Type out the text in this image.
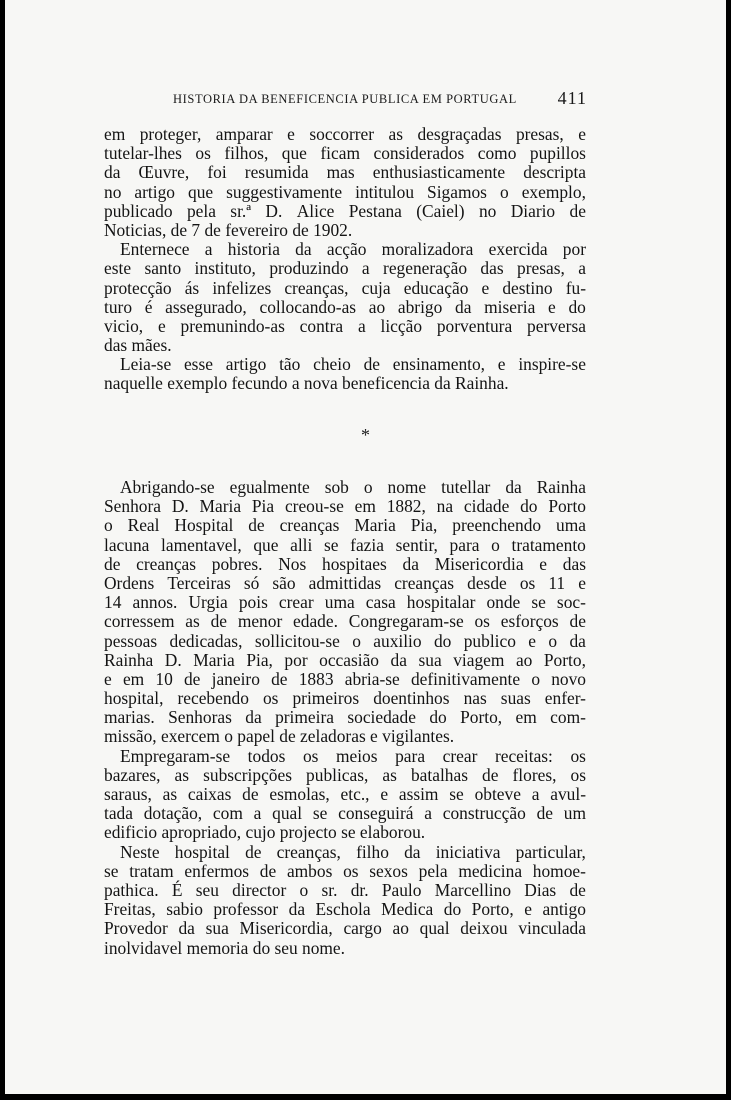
HISTORIA DA BENEFICENCIA PUBLICA EM PORTUGAL 411
em proteger, amparar e soccorrer as desgraçadas presas, e
tutelar-lhes os filhos, que ficam considerados como pupillos
da Œuvre, foi resumida mas enthusiasticamente descripta
no artigo que suggestivamente intitulou Sigamos o exemplo,
publicado pela sr.ª D. Alice Pestana (Caiel) no Diario de
Noticias, de 7 de fevereiro de 1902.
Enternece a historia da acção moralizadora exercida por
este santo instituto, produzindo a regeneração das presas, a
protecção ás infelizes creanças, cuja educação e destino fu-
turo é assegurado, collocando-as ao abrigo da miseria e do
vicio, e premunindo-as contra a licção porventura perversa
das mães.
Leia-se esse artigo tão cheio de ensinamento, e inspire-se
naquelle exemplo fecundo a nova beneficencia da Rainha.
*
Abrigando-se egualmente sob o nome tutellar da Rainha
Senhora D. Maria Pia creou-se em 1882, na cidade do Porto
o Real Hospital de creanças Maria Pia, preenchendo uma
lacuna lamentavel, que alli se fazia sentir, para o tratamento
de creanças pobres. Nos hospitaes da Misericordia e das
Ordens Terceiras só são admittidas creanças desde os 11 e
14 annos. Urgia pois crear uma casa hospitalar onde se soc-
corressem as de menor edade. Congregaram-se os esforços de
pessoas dedicadas, sollicitou-se o auxilio do publico e o da
Rainha D. Maria Pia, por occasião da sua viagem ao Porto,
e em 10 de janeiro de 1883 abria-se definitivamente o novo
hospital, recebendo os primeiros doentinhos nas suas enfer-
marias. Senhoras da primeira sociedade do Porto, em com-
missão, exercem o papel de zeladoras e vigilantes.
Empregaram-se todos os meios para crear receitas: os
bazares, as subscripções publicas, as batalhas de flores, os
saraus, as caixas de esmolas, etc., e assim se obteve a avul-
tada dotação, com a qual se conseguirá a construcção de um
edificio apropriado, cujo projecto se elaborou.
Neste hospital de creanças, filho da iniciativa particular,
se tratam enfermos de ambos os sexos pela medicina homoe-
pathica. É seu director o sr. dr. Paulo Marcellino Dias de
Freitas, sabio professor da Eschola Medica do Porto, e antigo
Provedor da sua Misericordia, cargo ao qual deixou vinculada
inolvidavel memoria do seu nome.
